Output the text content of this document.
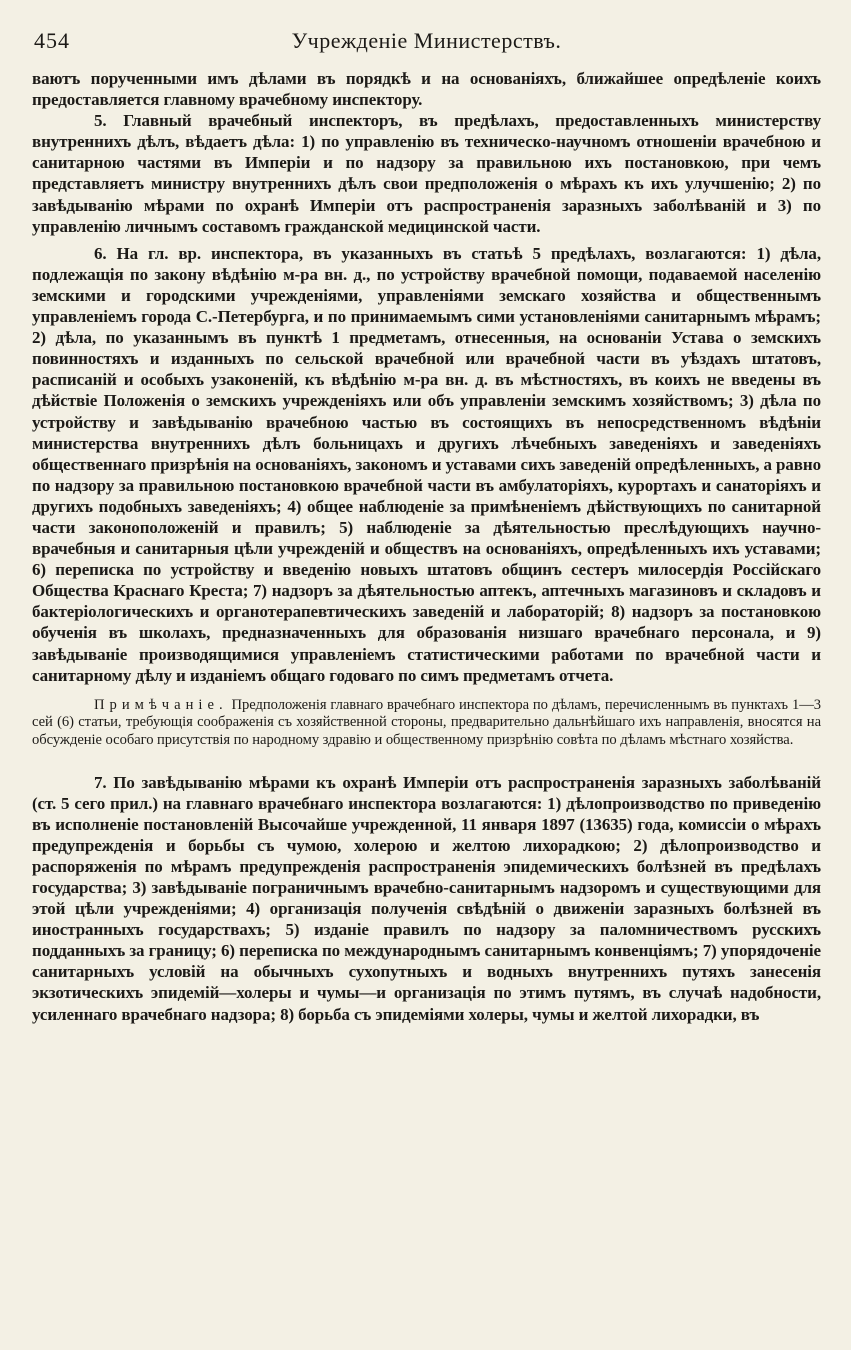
454	Учрежденіе Министерствъ.

ваютъ порученными имъ дѣлами въ порядкѣ и на основаніяхъ, ближайшее опредѣленіе коихъ предоставляется главному врачебному инспектору.

5. Главный врачебный инспекторъ, въ предѣлахъ, предоставленныхъ министерству внутреннихъ дѣлъ, вѣдаетъ дѣла: 1) по управленію въ техническо-научномъ отношеніи врачебною и санитарною частями въ Имперіи и по надзору за правильною ихъ постановкою, при чемъ представляетъ министру внутреннихъ дѣлъ свои предположенія о мѣрахъ къ ихъ улучшенію; 2) по завѣдыванію мѣрами по охранѣ Имперіи отъ распространенія заразныхъ заболѣваній и 3) по управленію личнымъ составомъ гражданской медицинской части.

6. На гл. вр. инспектора, въ указанныхъ въ статьѣ 5 предѣлахъ, возлагаются: 1) дѣла, подлежащія по закону вѣдѣнію м-ра вн. д., по устройству врачебной помощи, подаваемой населенію земскими и городскими учрежденіями, управленіями земскаго хозяйства и общественнымъ управленіемъ города С.-Петербурга, и по принимаемымъ сими установленіями санитарнымъ мѣрамъ; 2) дѣла, по указаннымъ въ пунктѣ 1 предметамъ, отнесенныя, на основаніи Устава о земскихъ повинностяхъ и изданныхъ по сельской врачебной или врачебной части въ уѣздахъ штатовъ, расписаній и особыхъ узаконеній, къ вѣдѣнію м-ра вн. д. въ мѣстностяхъ, въ коихъ не введены въ дѣйствіе Положенія о земскихъ учрежденіяхъ или объ управленіи земскимъ хозяйствомъ; 3) дѣла по устройству и завѣдыванію врачебною частью въ состоящихъ въ непосредственномъ вѣдѣніи министерства внутреннихъ дѣлъ больницахъ и другихъ лѣчебныхъ заведеніяхъ и заведеніяхъ общественнаго призрѣнія на основаніяхъ, закономъ и уставами сихъ заведеній опредѣленныхъ, а равно по надзору за правильною постановкою врачебной части въ амбулаторіяхъ, курортахъ и санаторіяхъ и другихъ подобныхъ заведеніяхъ; 4) общее наблюденіе за примѣненіемъ дѣйствующихъ по санитарной части законоположеній и правилъ; 5) наблюденіе за дѣятельностью преслѣдующихъ научно-врачебныя и санитарныя цѣли учрежденій и обществъ на основаніяхъ, опредѣленныхъ ихъ уставами; 6) переписка по устройству и введенію новыхъ штатовъ общинъ сестеръ милосердія Россійскаго Общества Краснаго Креста; 7) надзоръ за дѣятельностью аптекъ, аптечныхъ магазиновъ и складовъ и бактеріологическихъ и органотерапевтическихъ заведеній и лабораторій; 8) надзоръ за постановкою обученія въ школахъ, предназначенныхъ для образованія низшаго врачебнаго персонала, и 9) завѣдываніе производящимися управленіемъ статистическими работами по врачебной части и санитарному дѣлу и изданіемъ общаго годоваго по симъ предметамъ отчета.

Примѣчаніе. Предположенія главнаго врачебнаго инспектора по дѣламъ, перечисленнымъ въ пунктахъ 1—3 сей (6) статьи, требующія соображенія съ хозяйственной стороны, предварительно дальнѣйшаго ихъ направленія, вносятся на обсужденіе особаго присутствія по народному здравію и общественному призрѣнію совѣта по дѣламъ мѣстнаго хозяйства.

7. По завѣдыванію мѣрами къ охранѣ Имперіи отъ распространенія заразныхъ заболѣваній (ст. 5 сего прил.) на главнаго врачебнаго инспектора возлагаются: 1) дѣлопроизводство по приведенію въ исполненіе постановленій Высочайше учрежденной, 11 января 1897 (13635) года, комиссіи о мѣрахъ предупрежденія и борьбы съ чумою, холерою и желтою лихорадкою; 2) дѣлопроизводство и распоряженія по мѣрамъ предупрежденія распространенія эпидемическихъ болѣзней въ предѣлахъ государства; 3) завѣдываніе пограничнымъ врачебно-санитарнымъ надзоромъ и существующими для этой цѣли учрежденіями; 4) организація полученія свѣдѣній о движеніи заразныхъ болѣзней въ иностранныхъ государствахъ; 5) изданіе правилъ по надзору за паломничествомъ русскихъ подданныхъ за границу; 6) переписка по международнымъ санитарнымъ конвенціямъ; 7) упорядоченіе санитарныхъ условій на обычныхъ сухопутныхъ и водныхъ внутреннихъ путяхъ занесенія экзотическихъ эпидемій—холеры и чумы—и организація по этимъ путямъ, въ случаѣ надобности, усиленнаго врачебнаго надзора; 8) борьба съ эпидеміями холеры, чумы и желтой лихорадки, въ
